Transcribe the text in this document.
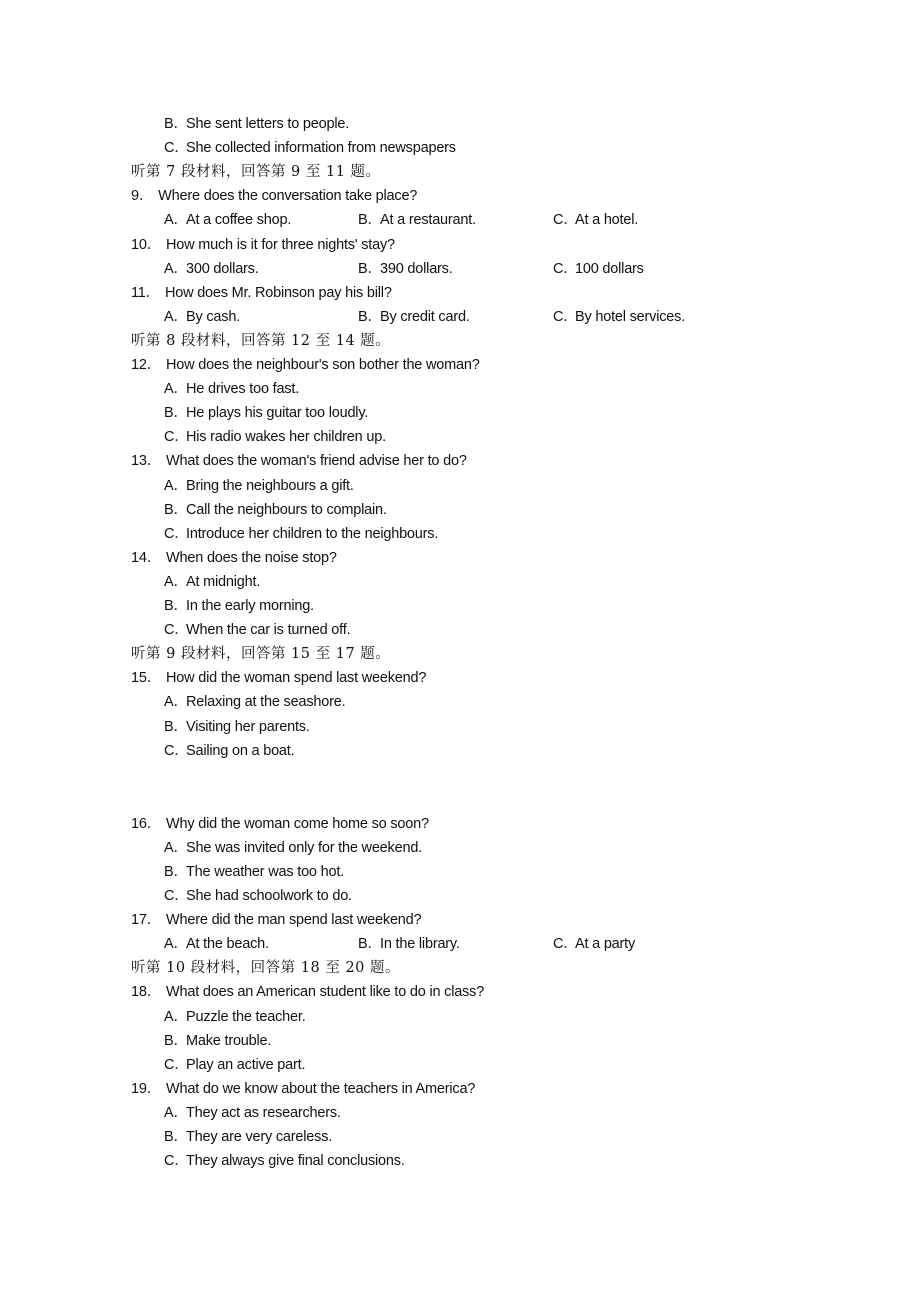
B．She sent letters to people.
C．She collected information from newspapers
听第 7 段材料，回答第 9 至 11 题。
9． Where does the conversation take place?
A．At a coffee shop.	B．At a restaurant.	C．At a hotel.
10． How much is it for three nights' stay?
A．300 dollars.	B．390 dollars.	C．100 dollars
11． How does Mr. Robinson pay his bill?
A．By cash.	B．By credit card.	C．By hotel services.
听第 8 段材料，回答第 12 至 14 题。
12． How does the neighbour's son bother the woman?
A．He drives too fast.
B．He plays his guitar too loudly.
C．His radio wakes her children up.
13． What does the woman's friend advise her to do?
A．Bring the neighbours a gift.
B．Call the neighbours to complain.
C．Introduce her children to the neighbours.
14． When does the noise stop?
A．At midnight.
B．In the early morning.
C．When the car is turned off.
听第 9 段材料，回答第 15 至 17 题。
15． How did the woman spend last weekend?
A．Relaxing at the seashore.
B．Visiting her parents.
C．Sailing on a boat.
16． Why did the woman come home so soon?
A．She was invited only for the weekend.
B．The weather was too hot.
C．She had schoolwork to do.
17． Where did the man spend last weekend?
A．At the beach.	B．In the library.	C．At a party
听第 10 段材料，回答第 18 至 20 题。
18． What does an American student like to do in class?
A．Puzzle the teacher.
B．Make trouble.
C．Play an active part.
19． What do we know about the teachers in America?
A．They act as researchers.
B．They are very careless.
C．They always give final conclusions.
